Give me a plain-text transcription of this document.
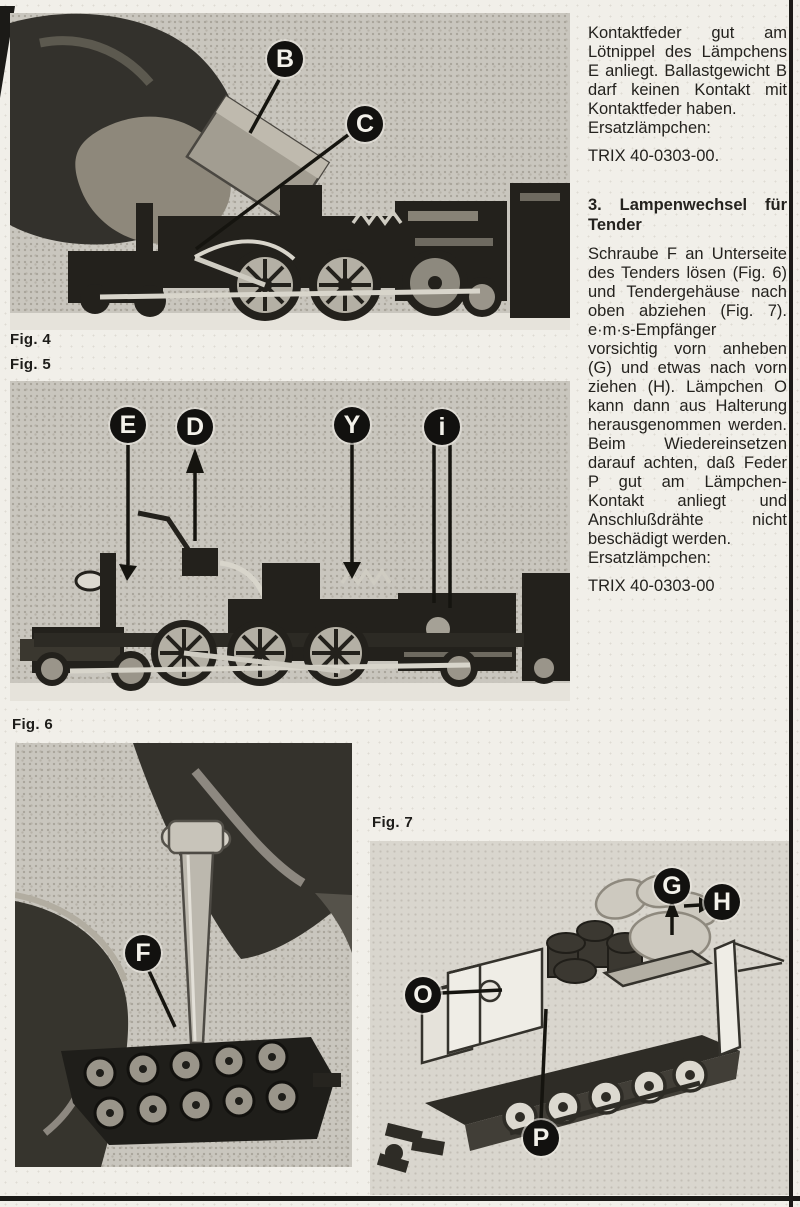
B
C
Fig. 4
Fig. 5
E	D	Y	i
Fig. 6
F
Fig. 7
G
H
O
P

Kontaktfeder gut am Lötnippel des Lämpchens E anliegt. Ballastgewicht B darf keinen Kontakt mit Kontaktfeder haben.

Ersatzlämpchen:

TRIX 40-0303-00.

3. Lampenwechsel für Tender

Schraube F an Unterseite des Tenders lösen (Fig. 6) und Tendergehäuse nach oben abziehen (Fig. 7). e·m·s-Empfänger vorsichtig vorn anheben (G) und etwas nach vorn ziehen (H). Lämpchen O kann dann aus Halterung herausgenommen werden. Beim Wiedereinsetzen darauf achten, daß Feder P gut am Lämpchen-Kontakt anliegt und Anschlußdrähte nicht beschädigt werden.

Ersatzlämpchen:

TRIX 40-0303-00
